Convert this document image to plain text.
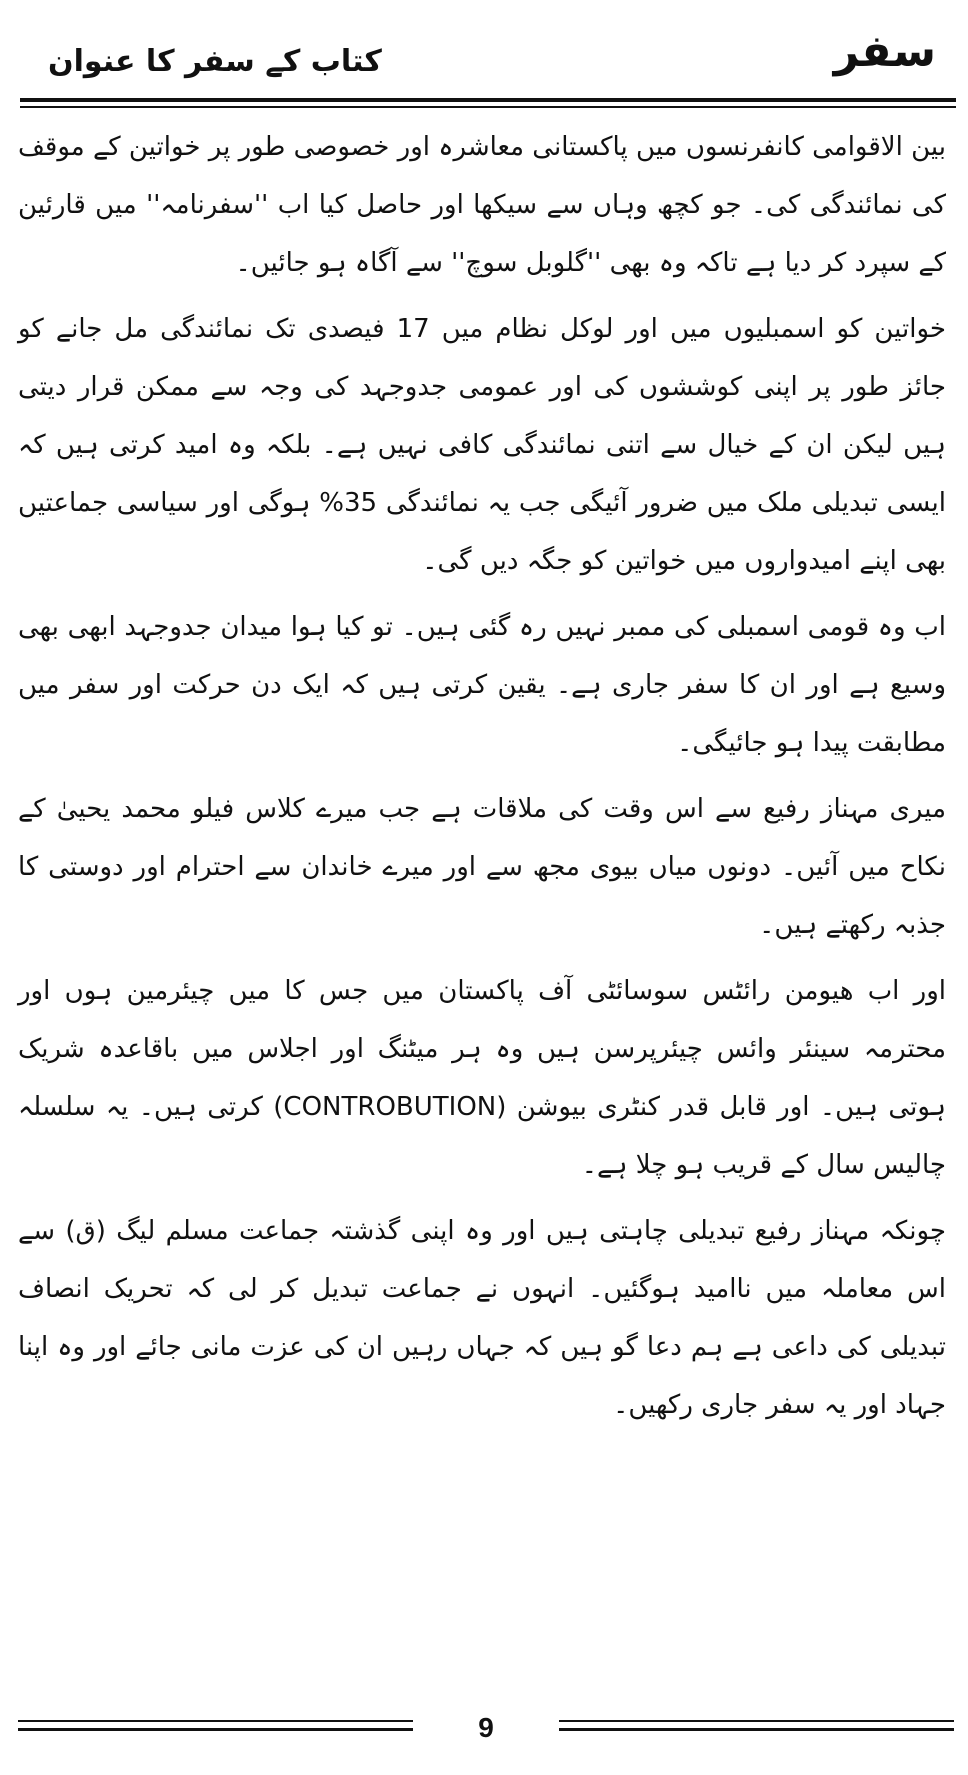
سفر
کتاب کے سفر کا عنوان

بین الاقوامی کانفرنسوں میں پاکستانی معاشرہ اور خصوصی طور پر خواتین کے موقف کی نمائندگی کی۔ جو کچھ وہاں سے سیکھا اور حاصل کیا اب ''سفرنامہ'' میں قارئین کے سپرد کر دیا ہے تاکہ وہ بھی ''گلوبل سوچ'' سے آگاہ ہو جائیں۔

خواتین کو اسمبلیوں میں اور لوکل نظام میں 17 فیصدی تک نمائندگی مل جانے کو جائز طور پر اپنی کوششوں کی اور عمومی جدوجہد کی وجہ سے ممکن قرار دیتی ہیں لیکن ان کے خیال سے اتنی نمائندگی کافی نہیں ہے۔ بلکہ وہ امید کرتی ہیں کہ ایسی تبدیلی ملک میں ضرور آئیگی جب یہ نمائندگی 35% ہوگی اور سیاسی جماعتیں بھی اپنے امیدواروں میں خواتین کو جگہ دیں گی۔

اب وہ قومی اسمبلی کی ممبر نہیں رہ گئی ہیں۔ تو کیا ہوا میدان جدوجہد ابھی بھی وسیع ہے اور ان کا سفر جاری ہے۔ یقین کرتی ہیں کہ ایک دن حرکت اور سفر میں مطابقت پیدا ہو جائیگی۔

میری مہناز رفیع سے اس وقت کی ملاقات ہے جب میرے کلاس فیلو محمد یحییٰ کے نکاح میں آئیں۔ دونوں میاں بیوی مجھ سے اور میرے خاندان سے احترام اور دوستی کا جذبہ رکھتے ہیں۔

اور اب ھیومن رائٹس سوسائٹی آف پاکستان میں جس کا میں چیئرمین ہوں اور محترمہ سینئر وائس چیئرپرسن ہیں وہ ہر میٹنگ اور اجلاس میں باقاعدہ شریک ہوتی ہیں۔ اور قابل قدر کنٹری بیوشن (CONTROBUTION) کرتی ہیں۔ یہ سلسلہ چالیس سال کے قریب ہو چلا ہے۔

چونکہ مہناز رفیع تبدیلی چاہتی ہیں اور وہ اپنی گذشتہ جماعت مسلم لیگ (ق) سے اس معاملہ میں ناامید ہوگئیں۔ انہوں نے جماعت تبدیل کر لی کہ تحریک انصاف تبدیلی کی داعی ہے ہم دعا گو ہیں کہ جہاں رہیں ان کی عزت مانی جائے اور وہ اپنا جہاد اور یہ سفر جاری رکھیں۔

9
